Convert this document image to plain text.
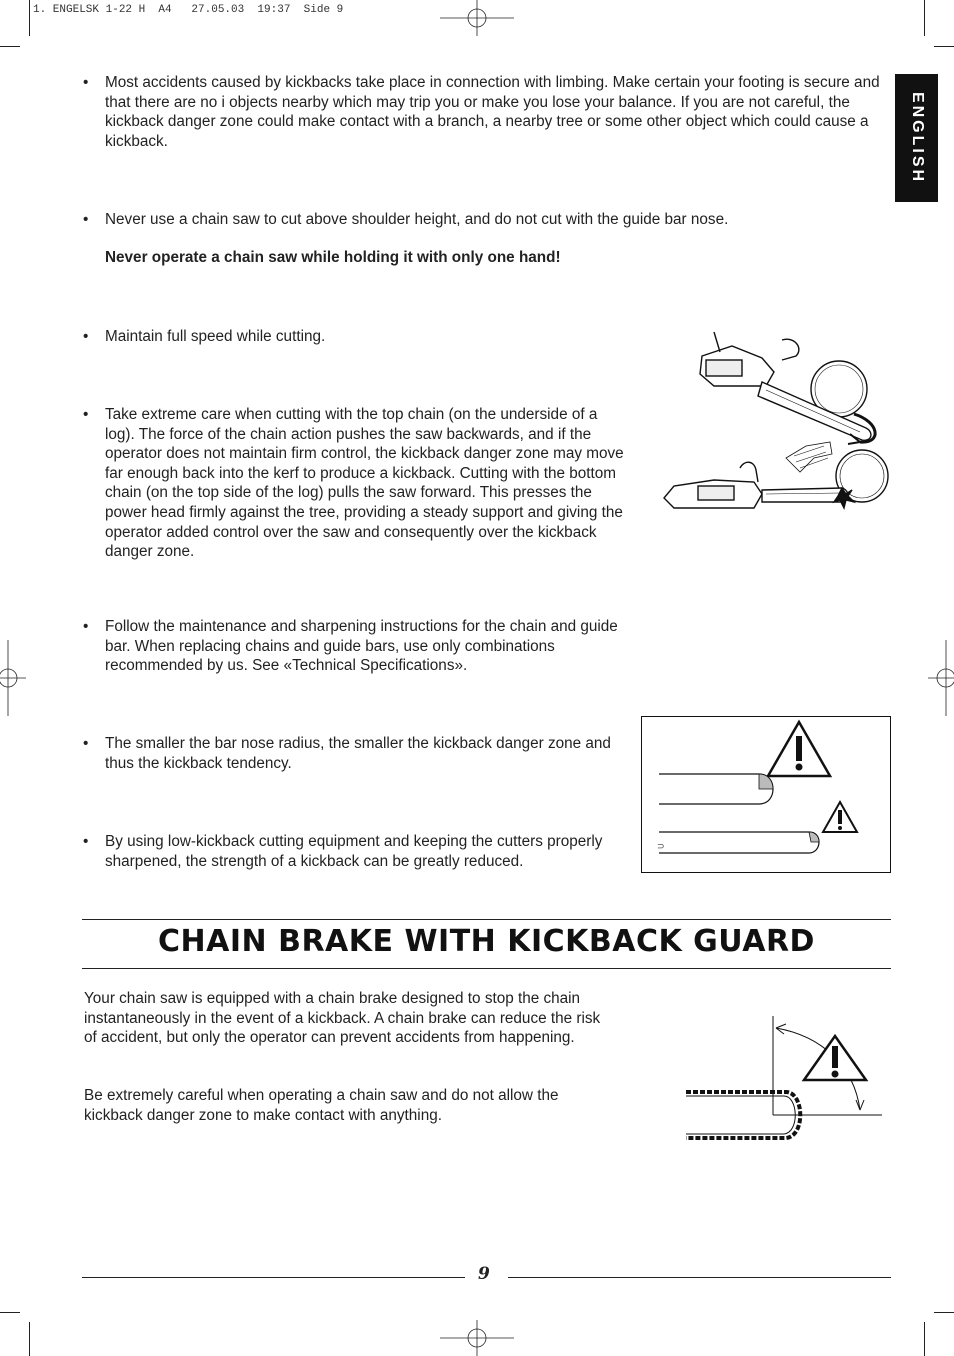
1. ENGELSK 1-22 H  A4   27.05.03  19:37  Side 9
ENGLISH
• Most accidents caused by kickbacks take place in connection with limbing. Make certain your footing is secure and that there are no i objects nearby which may trip you or make you lose your balance. If you are not careful, the kickback danger zone could make contact with a branch, a nearby tree or some other object which could cause a kickback.
• Never use a chain saw to cut above shoulder height, and do not cut with the guide bar nose.
Never operate a chain saw while holding it with only one hand!
• Maintain full speed while cutting.
• Take extreme care when cutting with the top chain (on the underside of a log). The force of the chain action pushes the saw backwards, and if the operator does not maintain firm control, the kickback danger zone may move far enough back into the kerf to produce a kickback. Cutting with the bottom chain (on the top side of the log) pulls the saw forward. This presses the power head firmly against the tree, providing a steady support and giving the operator added control over the saw and consequently over the kickback danger zone.
• Follow the maintenance and sharpening instructions for the chain and guide bar. When replacing chains and guide bars, use only combinations recommended by us. See «Technical Specifications».
• The smaller the bar nose radius, the smaller the kickback danger zone and thus the kickback tendency.
• By using low-kickback cutting equipment and keeping the cutters properly sharpened, the strength of a kickback can be greatly reduced.
⊃
CHAIN BRAKE WITH KICKBACK GUARD
Your chain saw is equipped with a chain brake designed to stop the chain instantaneously in the event of a kickback. A chain brake can reduce the risk of accident, but only the operator can prevent accidents from happening.
Be extremely careful when operating a chain saw and do not allow the kickback danger zone to make contact with anything.
9
